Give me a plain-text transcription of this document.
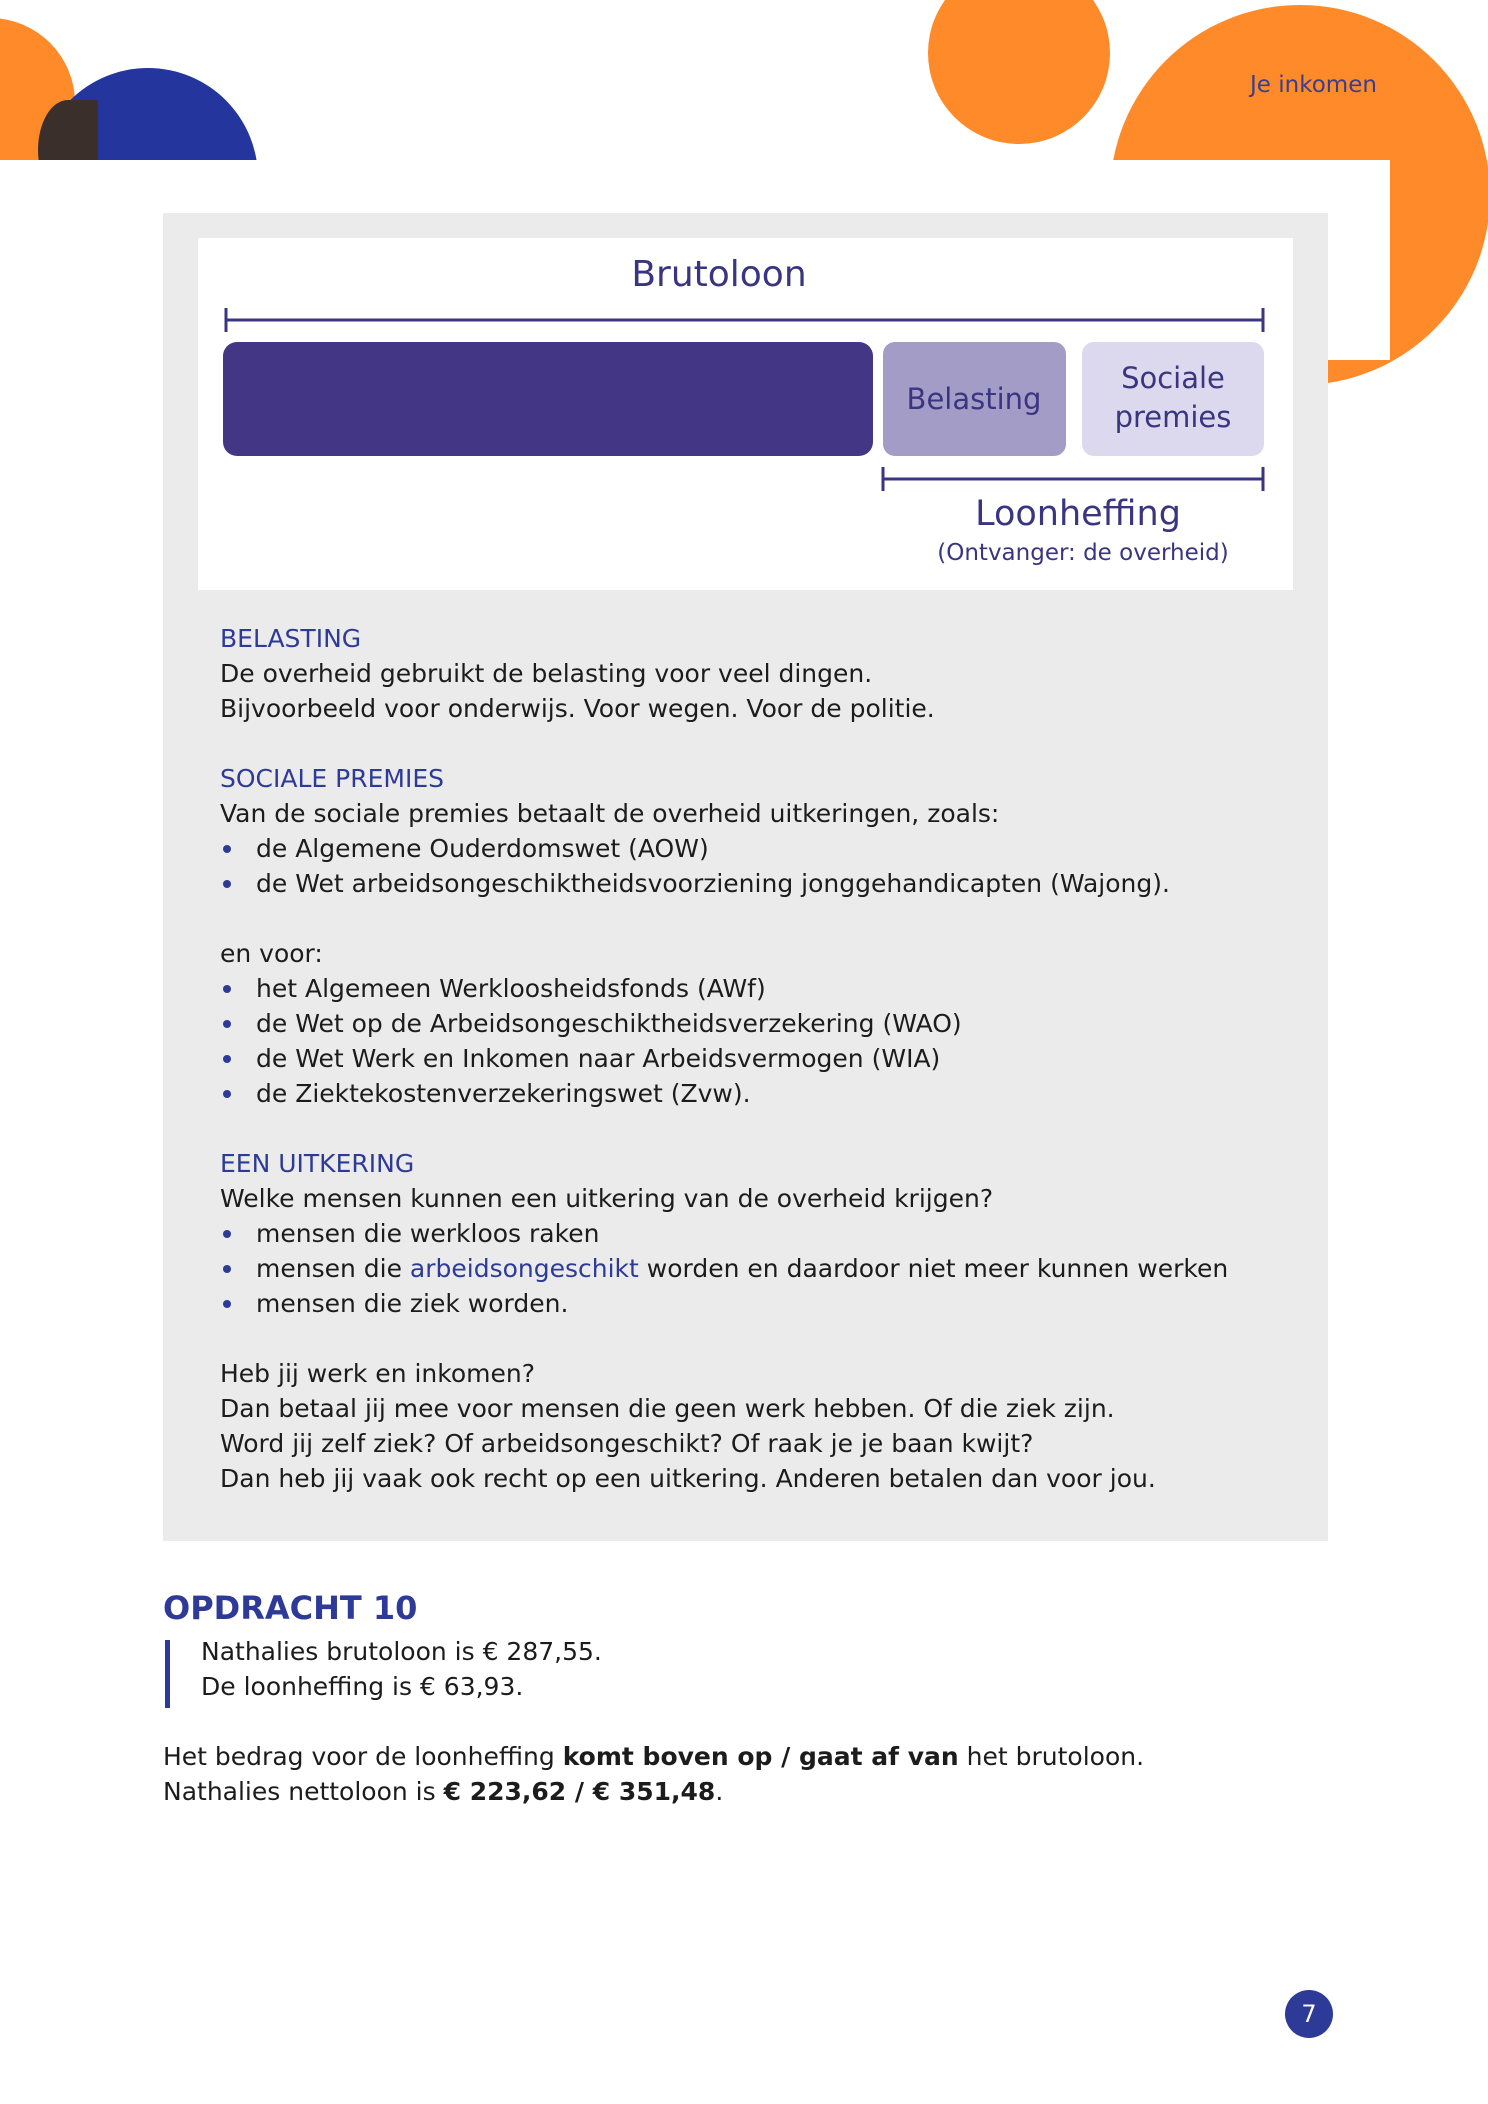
Je inkomen
Brutoloon
Belasting
Sociale
premies
Loonheffing
(Ontvanger: de overheid)
BELASTING
De overheid gebruikt de belasting voor veel dingen.
Bijvoorbeeld voor onderwijs. Voor wegen. Voor de politie.
SOCIALE PREMIES
Van de sociale premies betaalt de overheid uitkeringen, zoals:
de Algemene Ouderdomswet (AOW)
de Wet arbeidsongeschiktheidsvoorziening jonggehandicapten (Wajong).
en voor:
het Algemeen Werkloosheidsfonds (AWf)
de Wet op de Arbeidsongeschiktheidsverzekering (WAO)
de Wet Werk en Inkomen naar Arbeidsvermogen (WIA)
de Ziektekostenverzekeringswet (Zvw).
EEN UITKERING
Welke mensen kunnen een uitkering van de overheid krijgen?
mensen die werkloos raken
mensen die arbeidsongeschikt worden en daardoor niet meer kunnen werken
mensen die ziek worden.
Heb jij werk en inkomen?
Dan betaal jij mee voor mensen die geen werk hebben. Of die ziek zijn.
Word jij zelf ziek? Of arbeidsongeschikt? Of raak je je baan kwijt?
Dan heb jij vaak ook recht op een uitkering. Anderen betalen dan voor jou.
OPDRACHT 10
Nathalies brutoloon is € 287,55.
De loonheffing is € 63,93.
Het bedrag voor de loonheffing komt boven op / gaat af van het brutoloon.
Nathalies nettoloon is € 223,62 / € 351,48.
7
